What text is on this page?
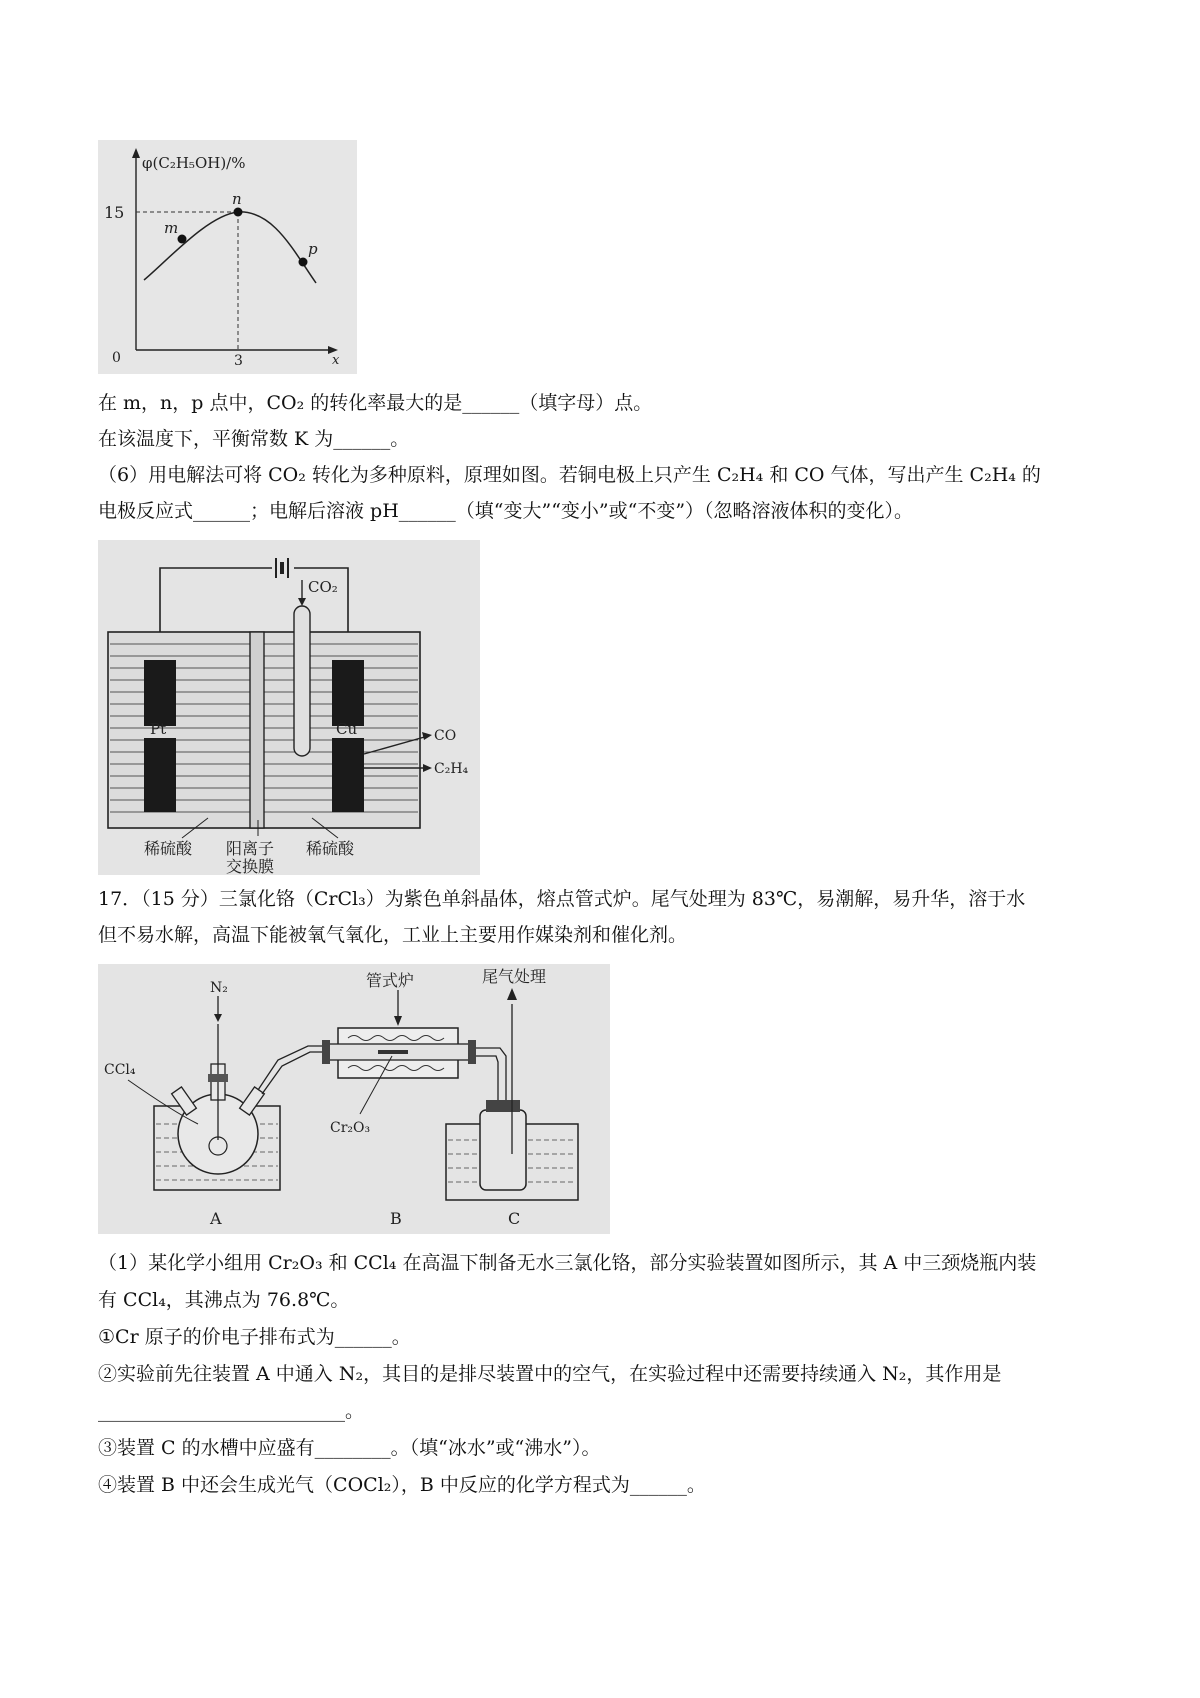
φ(C₂H₅OH)/%
15
m
n
p
0	3	x
在 m，n，p 点中，CO₂ 的转化率最大的是______（填字母）点。
在该温度下，平衡常数 K 为______。
（6）用电解法可将 CO₂ 转化为多种原料，原理如图。若铜电极上只产生 C₂H₄ 和 CO 气体，写出产生 C₂H₄ 的
电极反应式______；电解后溶液 pH______（填“变大”“变小”或“不变”）（忽略溶液体积的变化）。
CO₂
Pt	Cu	CO
C₂H₄
稀硫酸 阳离子
交换膜
稀硫酸
17．（15 分）三氯化铬（CrCl₃）为紫色单斜晶体，熔点管式炉。尾气处理为 83℃，易潮解，易升华，溶于水
但不易水解，高温下能被氧气氧化，工业上主要用作媒染剂和催化剂。
N₂
CCl₄
管式炉
Cr₂O₃
尾气处理
A	B	C
（1）某化学小组用 Cr₂O₃ 和 CCl₄ 在高温下制备无水三氯化铬，部分实验装置如图所示，其 A 中三颈烧瓶内装
有 CCl₄，其沸点为 76.8℃。
①Cr 原子的价电子排布式为______。
②实验前先往装置 A 中通入 N₂，其目的是排尽装置中的空气，在实验过程中还需要持续通入 N₂，其作用是
__________________________。
③装置 C 的水槽中应盛有________。（填“冰水”或“沸水”）。
④装置 B 中还会生成光气（COCl₂），B 中反应的化学方程式为______。
